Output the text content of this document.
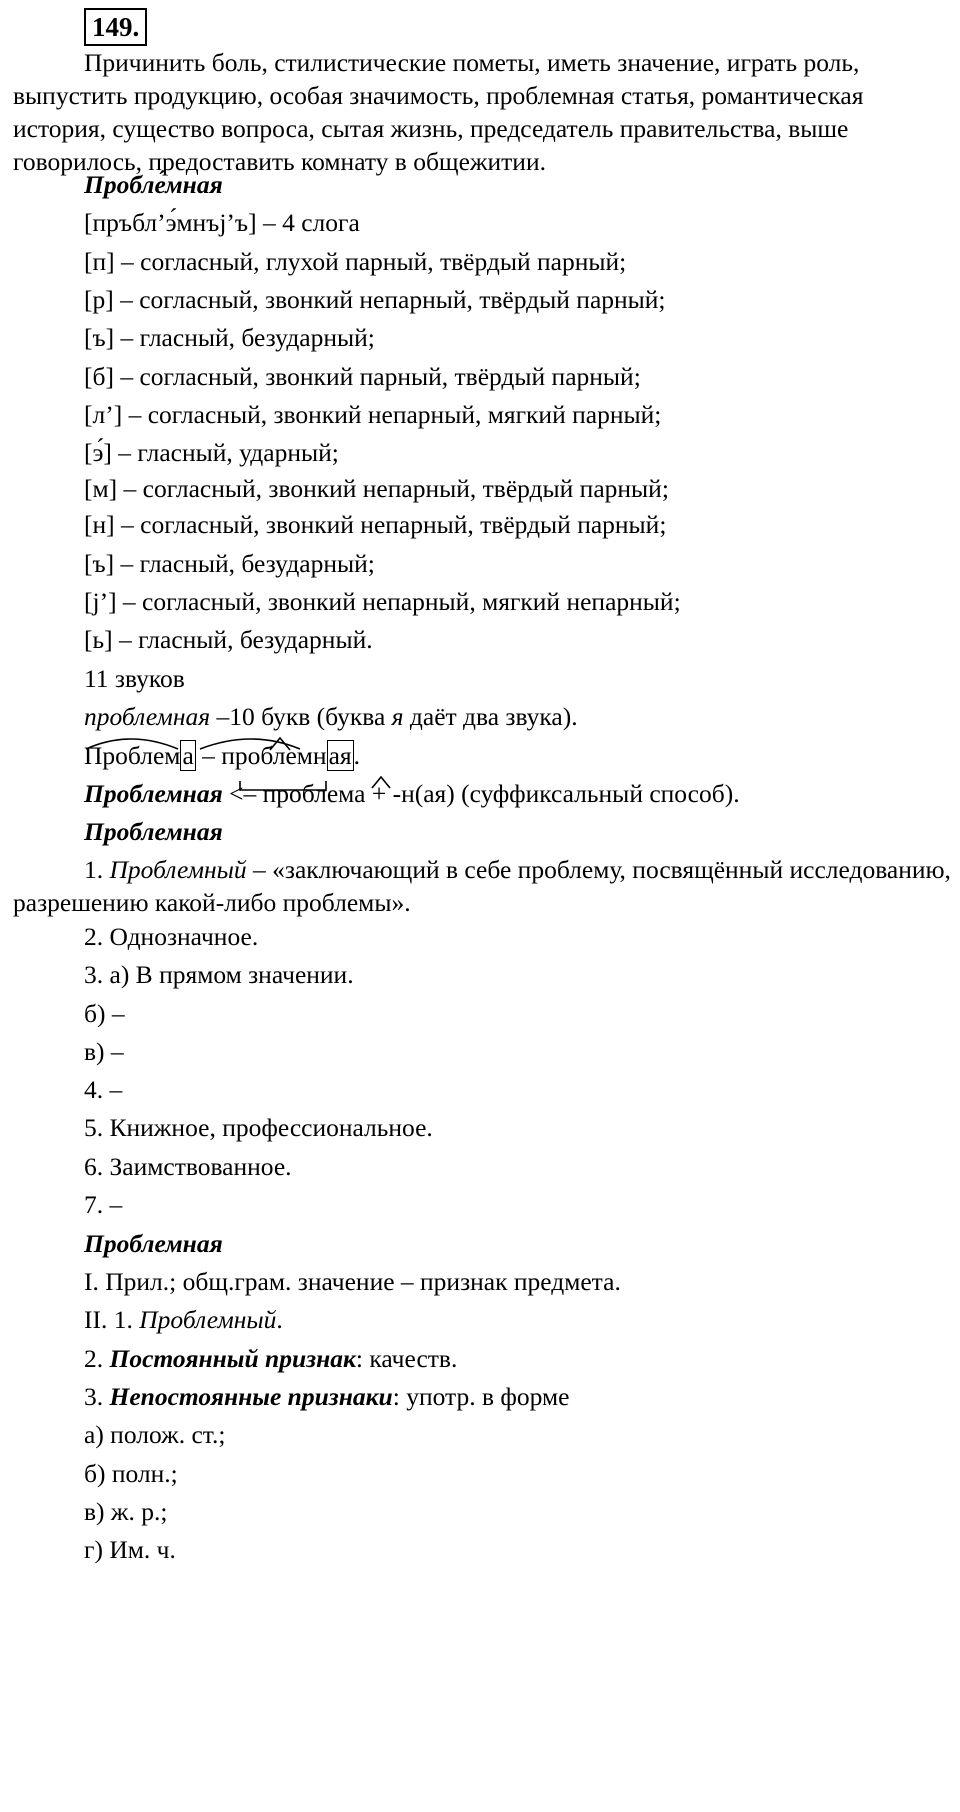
149.
Причинить боль, стилистические пометы, иметь значение, играть роль, выпустить продукцию, особая значимость, проблемная статья, романтическая история, существо вопроса, сытая жизнь, председатель правительства, выше говорилось, предоставить комнату в общежитии.
Пробле́мная
[пръбл’э́мнъj’ъ] – 4 слога
[п] – согласный, глухой парный, твёрдый парный;
[р] – согласный, звонкий непарный, твёрдый парный;
[ъ] – гласный, безударный;
[б] – согласный, звонкий парный, твёрдый парный;
[л’] – согласный, звонкий непарный, мягкий парный;
[э́] – гласный, ударный;
[м] – согласный, звонкий непарный, твёрдый парный;
[н] – согласный, звонкий непарный, твёрдый парный;
[ъ] – гласный, безударный;
[j’] – согласный, звонкий непарный, мягкий непарный;
[ь] – гласный, безударный.
11 звуков
проблемная –10 букв (буква я даёт два звука).
Проблема – проблемная.
Проблемная <– проблема + -н(ая) (суффиксальный способ).
Проблемная
1. Проблемный – «заключающий в себе проблему, посвящённый исследованию, разрешению какой-либо проблемы».
2. Однозначное.
3. а) В прямом значении.
б) –
в) –
4. –
5. Книжное, профессиональное.
6. Заимствованное.
7. –
Проблемная
I. Прил.; общ.грам. значение – признак предмета.
II. 1. Проблемный.
2. Постоянный признак: качеств.
3. Непостоянные признаки: употр. в форме
а) полож. ст.;
б) полн.;
в) ж. р.;
г) Им. ч.
